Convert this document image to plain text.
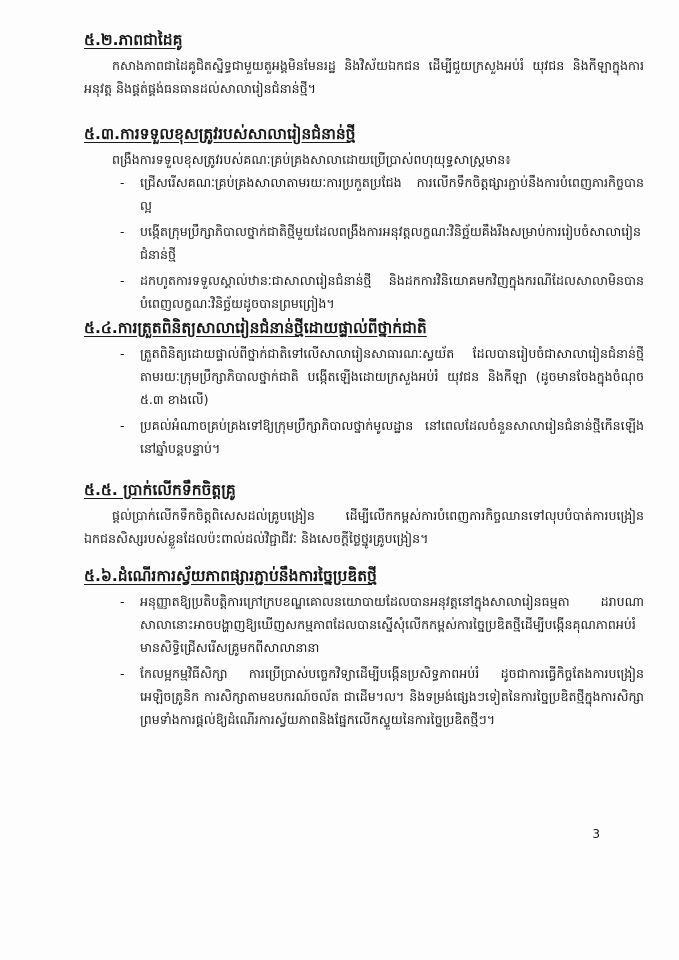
៥.២.ភាពជាដៃគូ

កសាងភាពជាដៃគូជិតស្និទ្ធជាមួយតួអង្គមិនមែនរដ្ឋ និងវិស័យឯកជន ដើម្បីជួយក្រសួងអប់រំ យុវជន និងកីឡាក្នុងការអនុវត្ត និងផ្គត់ផ្គង់ធនធានដល់សាលារៀនជំនាន់ថ្មី។

៥.៣.ការទទួលខុសត្រូវរបស់សាលារៀនជំនាន់ថ្មី

ពង្រឹងការទទួលខុសត្រូវរបស់គណៈគ្រប់គ្រងសាលាដោយប្រើប្រាស់ពហុយុទ្ធសាស្ត្រមាន៖

- ជ្រើសរើសគណៈគ្រប់គ្រងសាលាតាមរយៈការប្រកួតប្រជែង ការលើកទឹកចិត្តផ្សារភ្ជាប់នឹងការបំពេញភារកិច្ចបានល្អ
- បង្កើតក្រុមប្រឹក្សាភិបាលថ្នាក់ជាតិថ្មីមួយដែលពង្រឹងការអនុវត្តលក្ខណៈវិនិច្ឆ័យគឹងរឹងសម្រាប់ការរៀបចំសាលារៀនជំនាន់ថ្មី
- ដកហូតការទទួលស្គាល់ឋានៈជាសាលារៀនជំនាន់ថ្មី និងដកការវិនិយោគមកវិញក្នុងករណីដែលសាលាមិនបានបំពេញលក្ខណៈវិនិច្ឆ័យដូចបានព្រមព្រៀង។
៥.៤.ការត្រួតពិនិត្យសាលារៀនជំនាន់ថ្មីដោយផ្ទាល់ពីថ្នាក់ជាតិ
- ត្រួតពិនិត្យដោយផ្ទាល់ពីថ្នាក់ជាតិទៅលើសាលារៀនសាធារណៈស្វយ័ត ដែលបានរៀបចំជាសាលារៀនជំនាន់ថ្មី តាមរយៈក្រុមប្រឹក្សាភិបាលថ្នាក់ជាតិ បង្កើតឡើងដោយក្រសួងអប់រំ យុវជន និងកីឡា (ដូចមានចែងក្នុងចំណុច ៥.៣ ខាងលើ)
- ប្រគល់អំណាចគ្រប់គ្រងទៅឱ្យក្រុមប្រឹក្សាភិបាលថ្នាក់មូលដ្ឋាន នៅពេលដែលចំនួនសាលារៀនជំនាន់ថ្មីកើនឡើងនៅឆ្នាំបន្តបន្ទាប់។
៥.៥. ប្រាក់លើកទឹកចិត្តគ្រូ

ផ្ដល់ប្រាក់លើកទឹកចិត្តពិសេសដល់គ្រូបង្រៀន ដើម្បីលើកកម្ពស់ការបំពេញភារកិច្ចឈានទៅលុបបំបាត់ការបង្រៀនឯកជនសិស្សរបស់ខ្លួនដែលប៉ះពាល់ដល់វិជ្ជាជីវៈ និងសេចក្ដីថ្លៃថ្នូរគ្រូបង្រៀន។

៥.៦.ដំណើរការស្វ័យភាពផ្សារភ្ជាប់នឹងការច្នៃប្រឌិតថ្មី
- អនុញ្ញាតឱ្យប្រតិបត្តិការក្រៅក្របខណ្ឌគោលនយោបាយដែលបានអនុវត្តនៅក្នុងសាលារៀនធម្មតា ដរាបណាសាលានោះអាចបង្ហាញឱ្យឃើញសកម្មភាពដែលបានស្នើសុំលើកកម្ពស់ការច្នៃប្រឌិតថ្មីដើម្បីបង្កើនគុណភាពអប់រំ មានសិទ្ធិជ្រើសរើសគ្រូមកពីសាលានានា
- កែលម្អកម្មវិធីសិក្សា ការប្រើប្រាស់បច្ចេកវិទ្យាដើម្បីបង្កើនប្រសិទ្ធភាពអប់រំ ដូចជាការធ្វើកិច្ចតែងការបង្រៀនអេឡិចត្រូនិក ការសិក្សាតាមឧបករណ៍ចល័ត ជាដើម។ល។ និងទម្រង់ផ្សេងៗទៀតនៃការច្នៃប្រឌិតថ្មីក្នុងការសិក្សា ព្រមទាំងការផ្ដល់ឱ្យដំណើរការស្វ័យភាពនិងផ្នែកលើកស្ទួយនៃការច្នៃប្រឌិតថ្មីៗ។
3
